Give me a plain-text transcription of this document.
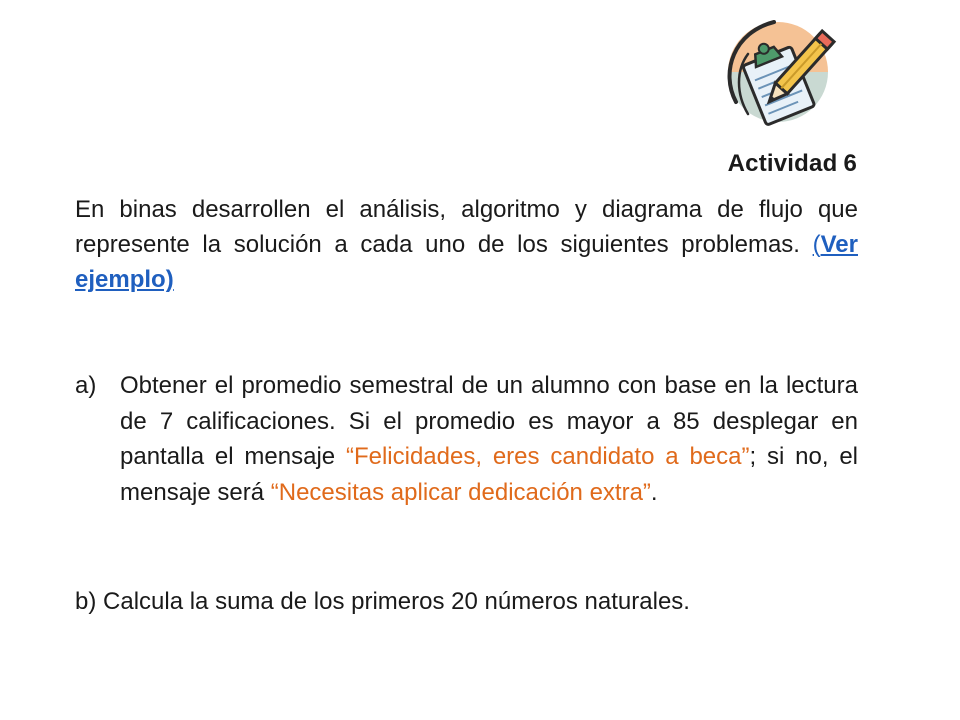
Actividad 6
En binas desarrollen el análisis, algoritmo y diagrama de flujo que represente la solución a cada uno de los siguientes problemas. (Ver ejemplo)
a) Obtener el promedio semestral de un alumno con base en la lectura de 7 calificaciones. Si el promedio es mayor a 85 desplegar en pantalla el mensaje “Felicidades, eres candidato a beca”; si no, el mensaje será “Necesitas aplicar dedicación extra”.
b) Calcula la suma de los primeros 20 números naturales.
